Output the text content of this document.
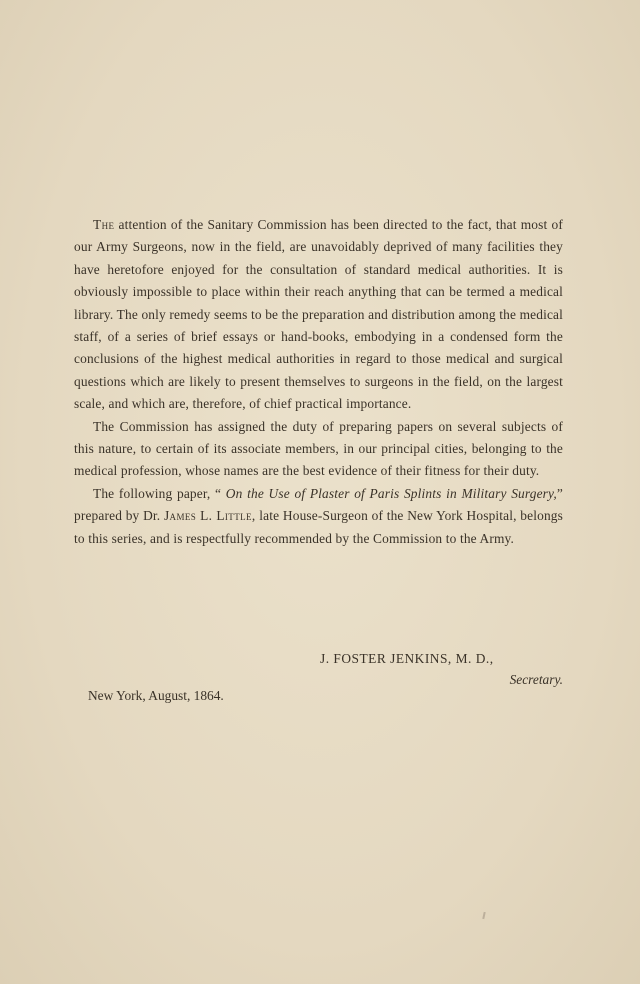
The attention of the Sanitary Commission has been directed to the fact, that most of our Army Surgeons, now in the field, are unavoidably deprived of many facilities they have heretofore enjoyed for the consultation of standard medical authorities. It is obviously impossible to place within their reach anything that can be termed a medical library. The only remedy seems to be the preparation and distribution among the medical staff, of a series of brief essays or hand-books, embodying in a condensed form the conclusions of the highest medical authorities in regard to those medical and surgical questions which are likely to present themselves to surgeons in the field, on the largest scale, and which are, therefore, of chief practical importance.

The Commission has assigned the duty of preparing papers on several subjects of this nature, to certain of its associate members, in our principal cities, belonging to the medical profession, whose names are the best evidence of their fitness for their duty.

The following paper, “ On the Use of Plaster of Paris Splints in Military Surgery,” prepared by Dr. James L. Little, late House-Surgeon of the New York Hospital, belongs to this series, and is respectfully recommended by the Commission to the Army.

J. FOSTER JENKINS, M. D.,
Secretary.
New York, August, 1864.
